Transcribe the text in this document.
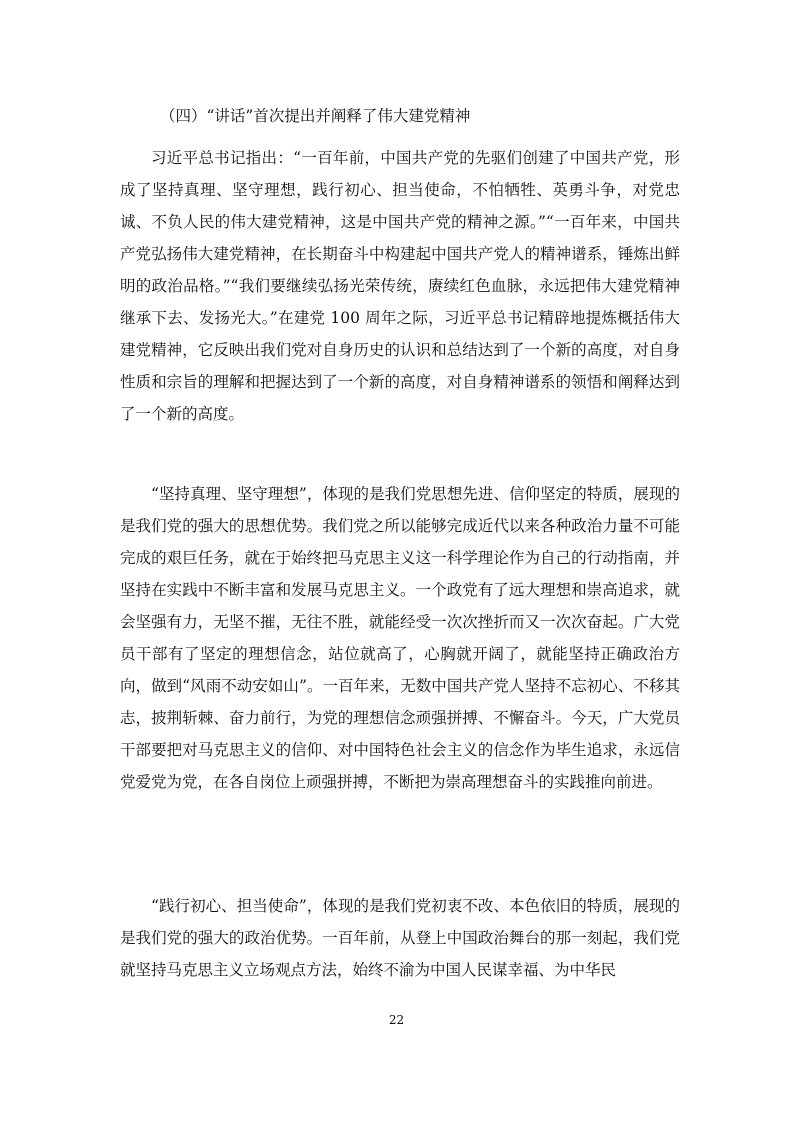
（四）“讲话”首次提出并阐释了伟大建党精神

习近平总书记指出：“一百年前，中国共产党的先驱们创建了中国共产党，形成了坚持真理、坚守理想，践行初心、担当使命，不怕牺牲、英勇斗争，对党忠诚、不负人民的伟大建党精神，这是中国共产党的精神之源。”“一百年来，中国共产党弘扬伟大建党精神，在长期奋斗中构建起中国共产党人的精神谱系，锤炼出鲜明的政治品格。”“我们要继续弘扬光荣传统，赓续红色血脉，永远把伟大建党精神继承下去、发扬光大。”在建党 100 周年之际，习近平总书记精辟地提炼概括伟大建党精神，它反映出我们党对自身历史的认识和总结达到了一个新的高度，对自身性质和宗旨的理解和把握达到了一个新的高度，对自身精神谱系的领悟和阐释达到了一个新的高度。

“坚持真理、坚守理想”，体现的是我们党思想先进、信仰坚定的特质，展现的是我们党的强大的思想优势。我们党之所以能够完成近代以来各种政治力量不可能完成的艰巨任务，就在于始终把马克思主义这一科学理论作为自己的行动指南，并坚持在实践中不断丰富和发展马克思主义。一个政党有了远大理想和崇高追求，就会坚强有力，无坚不摧，无往不胜，就能经受一次次挫折而又一次次奋起。广大党员干部有了坚定的理想信念，站位就高了，心胸就开阔了，就能坚持正确政治方向，做到“风雨不动安如山”。一百年来，无数中国共产党人坚持不忘初心、不移其志，披荆斩棘、奋力前行，为党的理想信念顽强拼搏、不懈奋斗。今天，广大党员干部要把对马克思主义的信仰、对中国特色社会主义的信念作为毕生追求，永远信党爱党为党，在各自岗位上顽强拼搏，不断把为崇高理想奋斗的实践推向前进。

“践行初心、担当使命”，体现的是我们党初衷不改、本色依旧的特质，展现的是我们党的强大的政治优势。一百年前，从登上中国政治舞台的那一刻起，我们党就坚持马克思主义立场观点方法，始终不渝为中国人民谋幸福、为中华民

22
